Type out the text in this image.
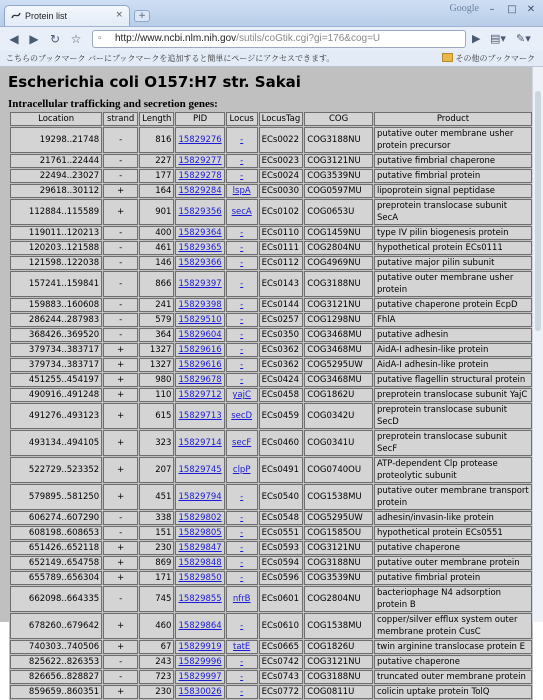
Protein list	×	+
Google	–	□	✕
◀ ▶ ↻ ☆ ▫ http://www.ncbi.nlm.nih.gov/sutils/coGtik.cgi?gi=176&cog=U	▶ ▤▾ ✎▾
こちらのブックマーク バーにブックマークを追加すると簡単にページにアクセスできます。	その他のブックマーク
Escherichia coli O157:H7 str. Sakai
Intracellular trafficking and secretion genes:
Location	strand	Length	PID	Locus	LocusTag	COG	Product
19298..21748	-	816	15829276	-	ECs0022	COG3188NU	putative outer membrane usher protein precursor
21761..22444	-	227	15829277	-	ECs0023	COG3121NU	putative fimbrial chaperone
22494..23027	-	177	15829278	-	ECs0024	COG3539NU	putative fimbrial protein
29618..30112	+	164	15829284	lspA	ECs0030	COG0597MU	lipoprotein signal peptidase
112884..115589	+	901	15829356	secA	ECs0102	COG0653U	preprotein translocase subunit SecA
119011..120213	-	400	15829364	-	ECs0110	COG1459NU	type IV pilin biogenesis protein
120203..121588	-	461	15829365	-	ECs0111	COG2804NU	hypothetical protein ECs0111
121598..122038	-	146	15829366	-	ECs0112	COG4969NU	putative major pilin subunit
157241..159841	-	866	15829397	-	ECs0143	COG3188NU	putative outer membrane usher protein
159883..160608	-	241	15829398	-	ECs0144	COG3121NU	putative chaperone protein EcpD
286244..287983	-	579	15829510	-	ECs0257	COG1298NU	FhlA
368426..369520	-	364	15829604	-	ECs0350	COG3468MU	putative adhesin
379734..383717	+	1327	15829616	-	ECs0362	COG3468MU	AidA-I adhesin-like protein
379734..383717	+	1327	15829616	-	ECs0362	COG5295UW	AidA-I adhesin-like protein
451255..454197	+	980	15829678	-	ECs0424	COG3468MU	putative flagellin structural protein
490916..491248	+	110	15829712	yajC	ECs0458	COG1862U	preprotein translocase subunit YajC
491276..493123	+	615	15829713	secD	ECs0459	COG0342U	preprotein translocase subunit SecD
493134..494105	+	323	15829714	secF	ECs0460	COG0341U	preprotein translocase subunit SecF
522729..523352	+	207	15829745	clpP	ECs0491	COG0740OU	ATP-dependent Clp protease proteolytic subunit
579895..581250	+	451	15829794	-	ECs0540	COG1538MU	putative outer membrane transport protein
606274..607290	-	338	15829802	-	ECs0548	COG5295UW	adhesin/invasin-like protein
608198..608653	-	151	15829805	-	ECs0551	COG1585OU	hypothetical protein ECs0551
651426..652118	+	230	15829847	-	ECs0593	COG3121NU	putative chaperone
652149..654758	+	869	15829848	-	ECs0594	COG3188NU	putative outer membrane protein
655789..656304	+	171	15829850	-	ECs0596	COG3539NU	putative fimbrial protein
662098..664335	-	745	15829855	nfrB	ECs0601	COG2804NU	bacteriophage N4 adsorption protein B
678260..679642	+	460	15829864	-	ECs0610	COG1538MU	copper/silver efflux system outer membrane protein CusC
740303..740506	+	67	15829919	tatE	ECs0665	COG1826U	twin arginine translocase protein E
825622..826353	-	243	15829996	-	ECs0742	COG3121NU	putative chaperone
826656..828827	-	723	15829997	-	ECs0743	COG3188NU	truncated outer membrane protein
859659..860351	+	230	15830026	-	ECs0772	COG0811U	colicin uptake protein TolQ
